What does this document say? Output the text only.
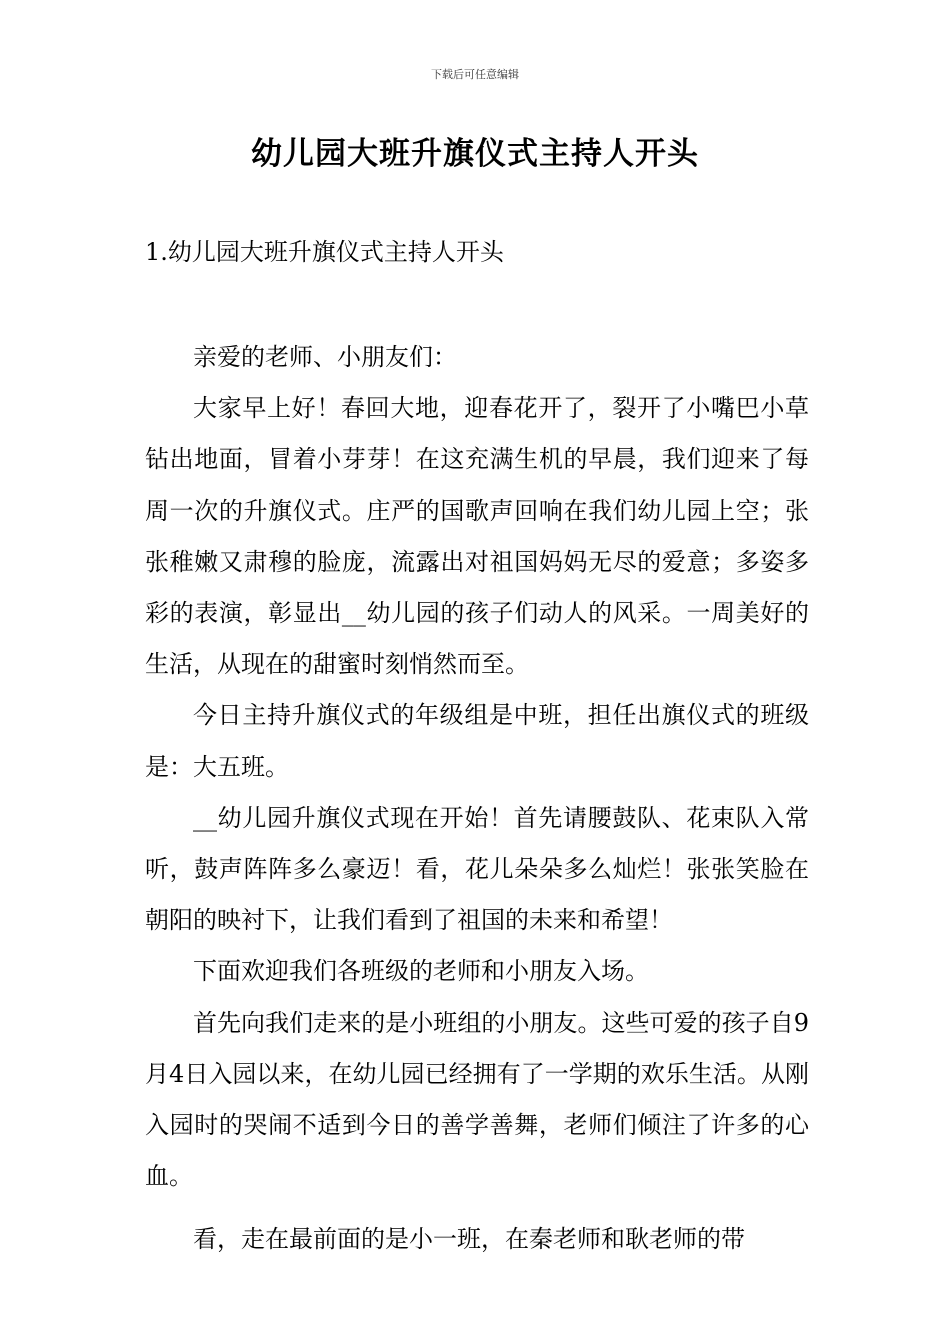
下载后可任意编辑
幼儿园大班升旗仪式主持人开头
1.幼儿园大班升旗仪式主持人开头

亲爱的老师、小朋友们：

大家早上好！春回大地，迎春花开了，裂开了小嘴巴小草钻出地面，冒着小芽芽！在这充满生机的早晨，我们迎来了每周一次的升旗仪式。庄严的国歌声回响在我们幼儿园上空；张张稚嫩又肃穆的脸庞，流露出对祖国妈妈无尽的爱意；多姿多彩的表演，彰显出__幼儿园的孩子们动人的风采。一周美好的生活，从现在的甜蜜时刻悄然而至。

今日主持升旗仪式的年级组是中班，担任出旗仪式的班级是：大五班。

__幼儿园升旗仪式现在开始！首先请腰鼓队、花束队入常听，鼓声阵阵多么豪迈！看，花儿朵朵多么灿烂！张张笑脸在朝阳的映衬下，让我们看到了祖国的未来和希望！

下面欢迎我们各班级的老师和小朋友入场。

首先向我们走来的是小班组的小朋友。这些可爱的孩子自9月4日入园以来，在幼儿园已经拥有了一学期的欢乐生活。从刚入园时的哭闹不适到今日的善学善舞，老师们倾注了许多的心血。

看，走在最前面的是小一班，在秦老师和耿老师的带
